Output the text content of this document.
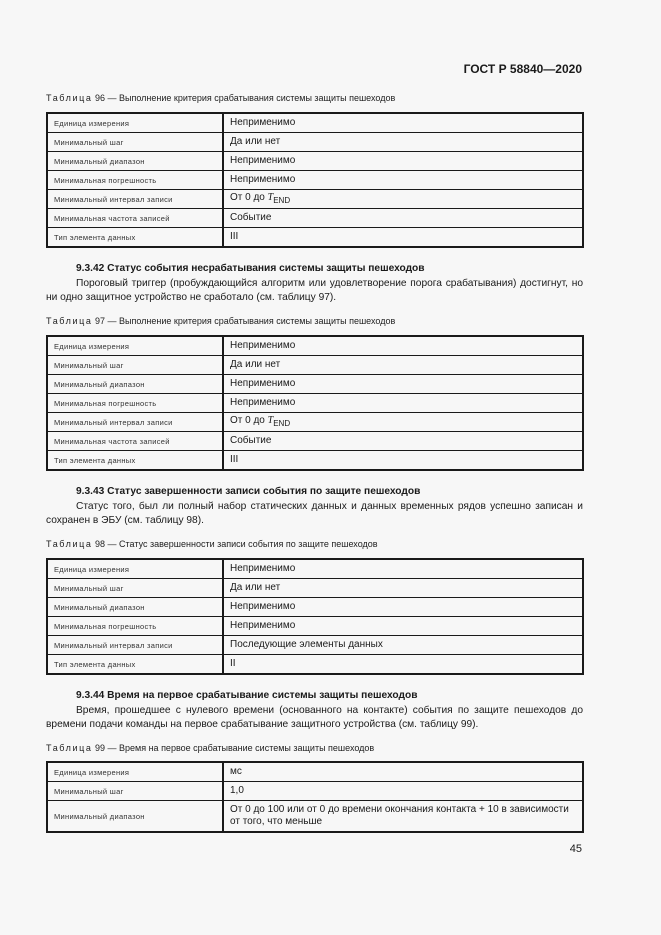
ГОСТ Р 58840—2020
Таблица 96 — Выполнение критерия срабатывания системы защиты пешеходов
Единица измерения	Неприменимо
Минимальный шаг	Да или нет
Минимальный диапазон	Неприменимо
Минимальная погрешность	Неприменимо
Минимальный интервал записи	От 0 до $T_{END}$
Минимальная частота записей	Событие
Тип элемента данных	III
9.3.42 Статус события несрабатывания системы защиты пешеходов
Пороговый триггер (пробуждающийся алгоритм или удовлетворение порога срабатывания) достигнут, но ни одно защитное устройство не сработало (см. таблицу 97).
Таблица 97 — Выполнение критерия срабатывания системы защиты пешеходов
Единица измерения	Неприменимо
Минимальный шаг	Да или нет
Минимальный диапазон	Неприменимо
Минимальная погрешность	Неприменимо
Минимальный интервал записи	От 0 до $T_{END}$
Минимальная частота записей	Событие
Тип элемента данных	III
9.3.43 Статус завершенности записи события по защите пешеходов
Статус того, был ли полный набор статических данных и данных временных рядов успешно записан и сохранен в ЭБУ (см. таблицу 98).
Таблица 98 — Статус завершенности записи события по защите пешеходов
Единица измерения	Неприменимо
Минимальный шаг	Да или нет
Минимальный диапазон	Неприменимо
Минимальная погрешность	Неприменимо
Минимальный интервал записи	Последующие элементы данных
Тип элемента данных	II
9.3.44 Время на первое срабатывание системы защиты пешеходов
Время, прошедшее с нулевого времени (основанного на контакте) события по защите пешеходов до времени подачи команды на первое срабатывание защитного устройства (см. таблицу 99).
Таблица 99 — Время на первое срабатывание системы защиты пешеходов
Единица измерения	мс
Минимальный шаг	1,0
Минимальный диапазон	От 0 до 100 или от 0 до времени окончания контакта + 10 в зависимости от того, что меньше
45
